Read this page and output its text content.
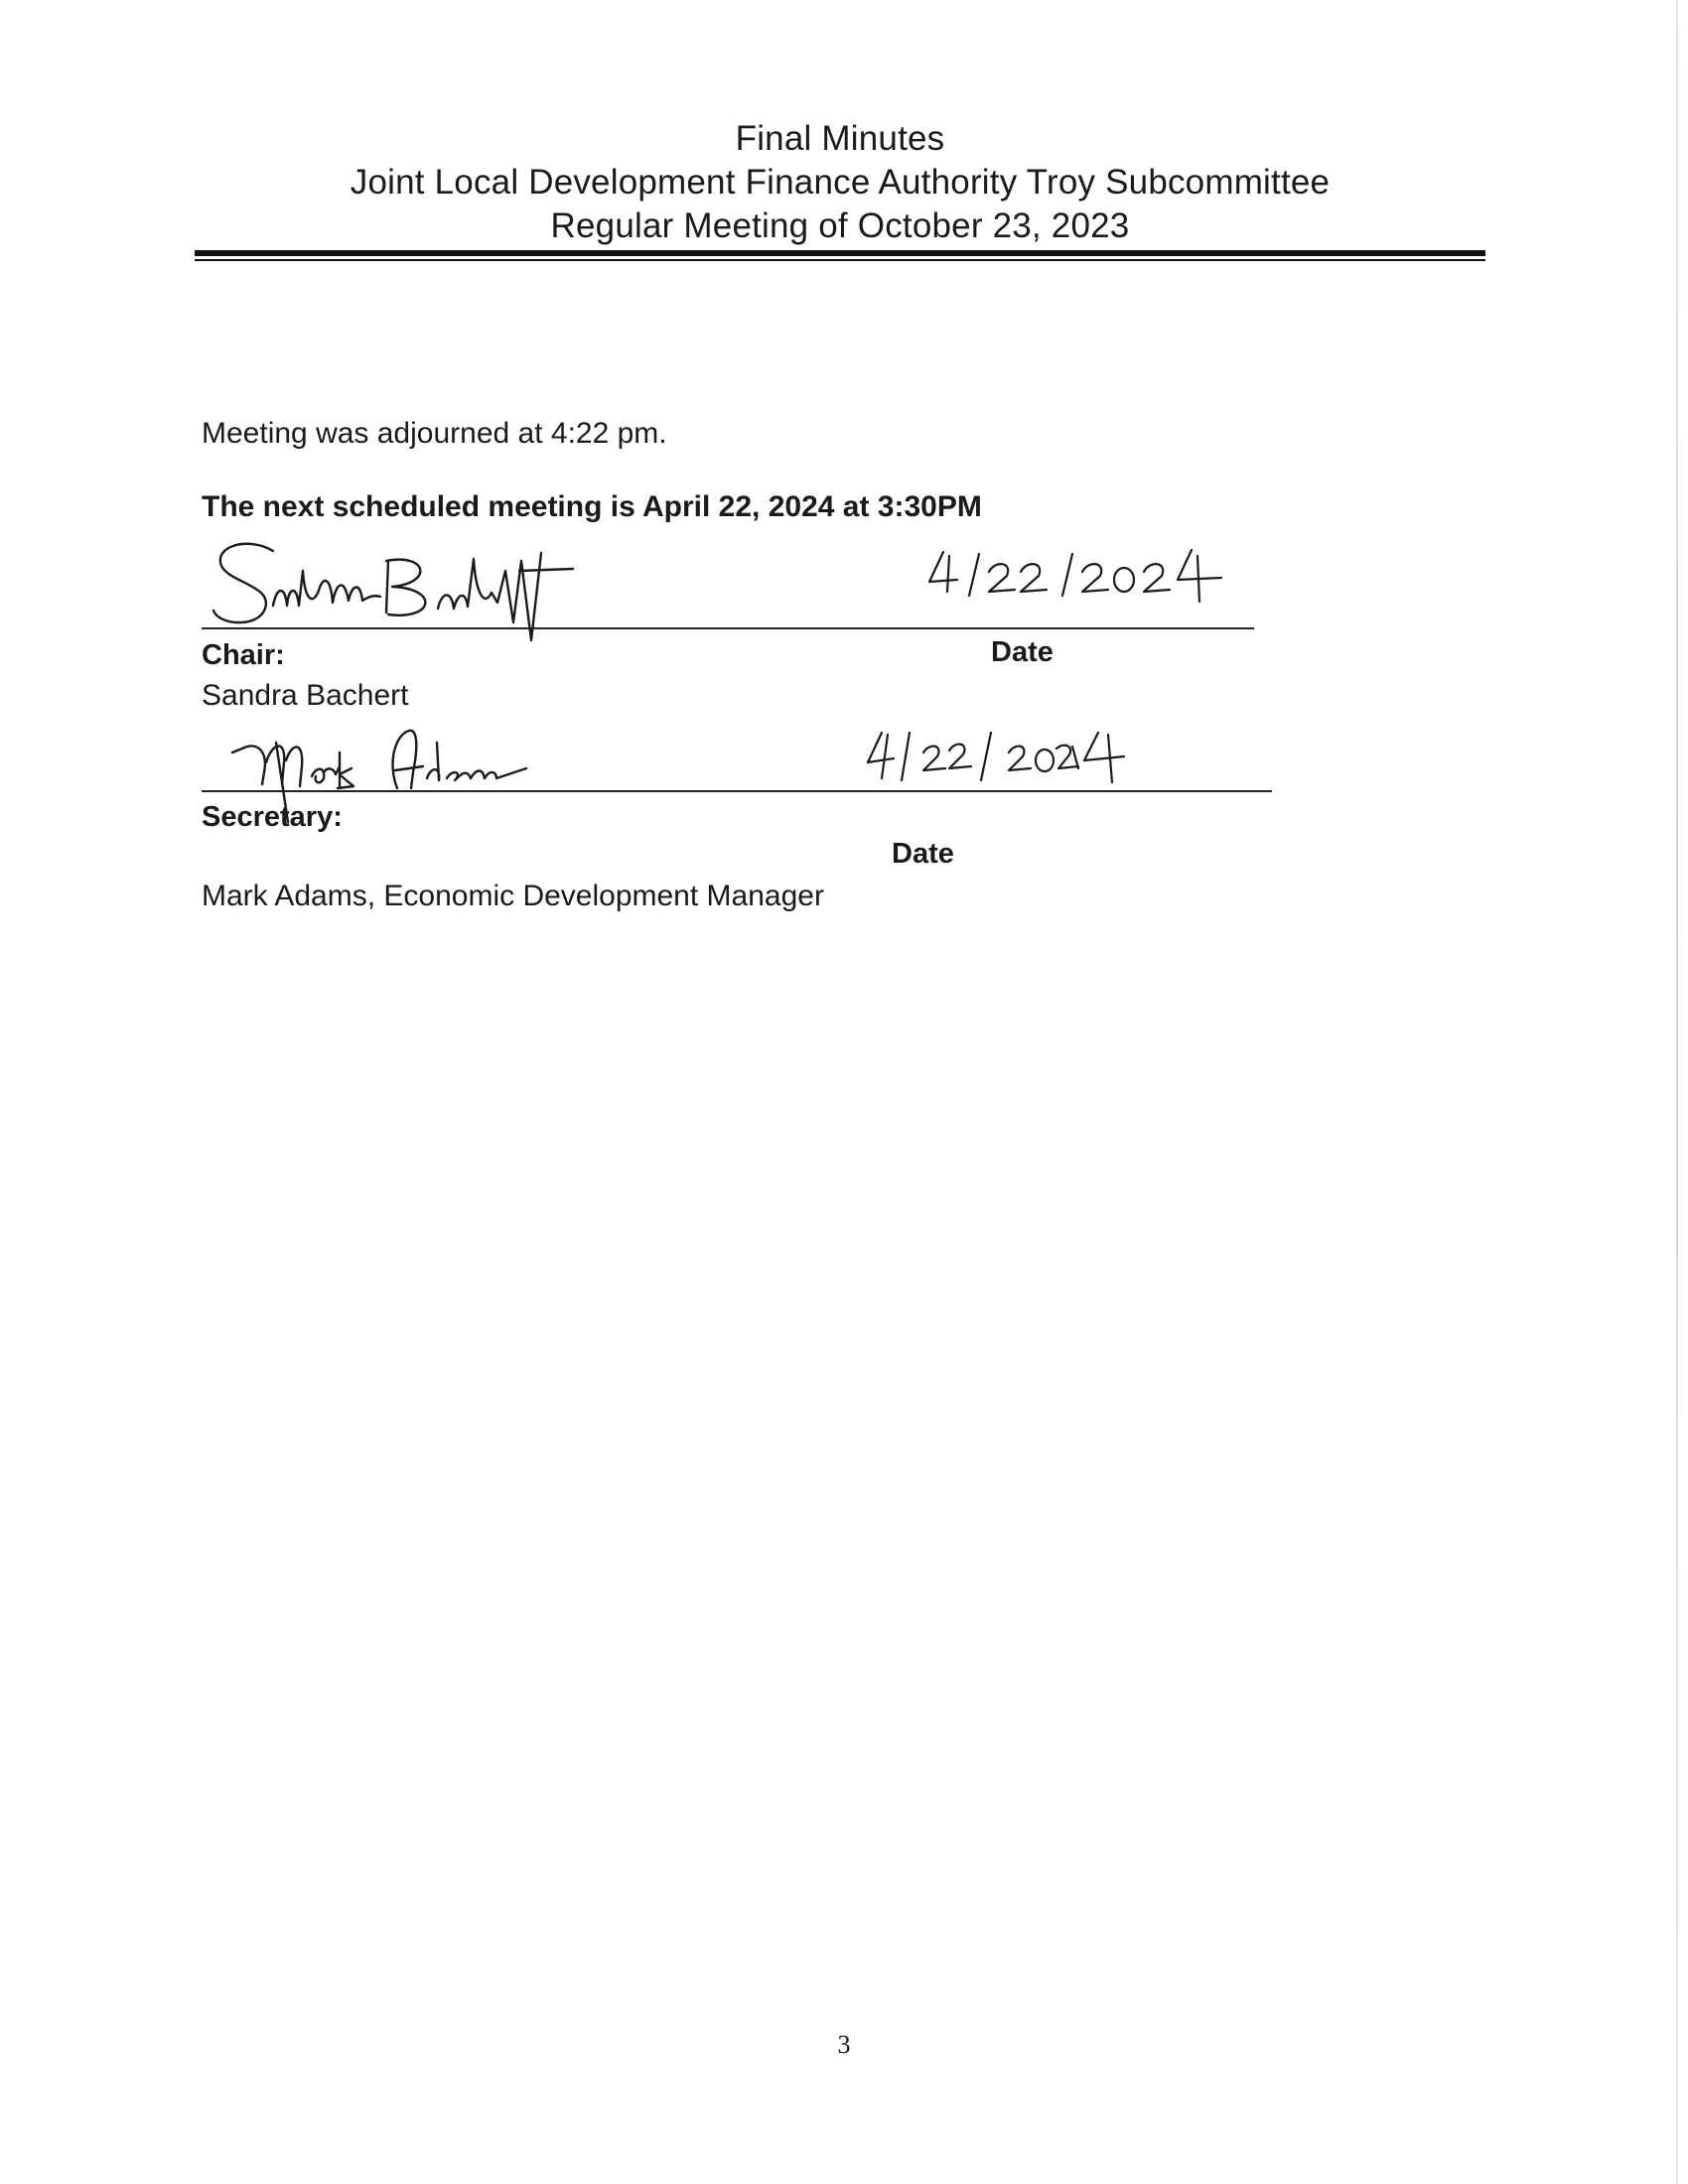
Final Minutes
Joint Local Development Finance Authority Troy Subcommittee
Regular Meeting of October 23, 2023
Meeting was adjourned at 4:22 pm.
The next scheduled meeting is April 22, 2024 at 3:30PM
Chair:	Date
Sandra Bachert
Secretary:
Date
Mark Adams, Economic Development Manager
3
